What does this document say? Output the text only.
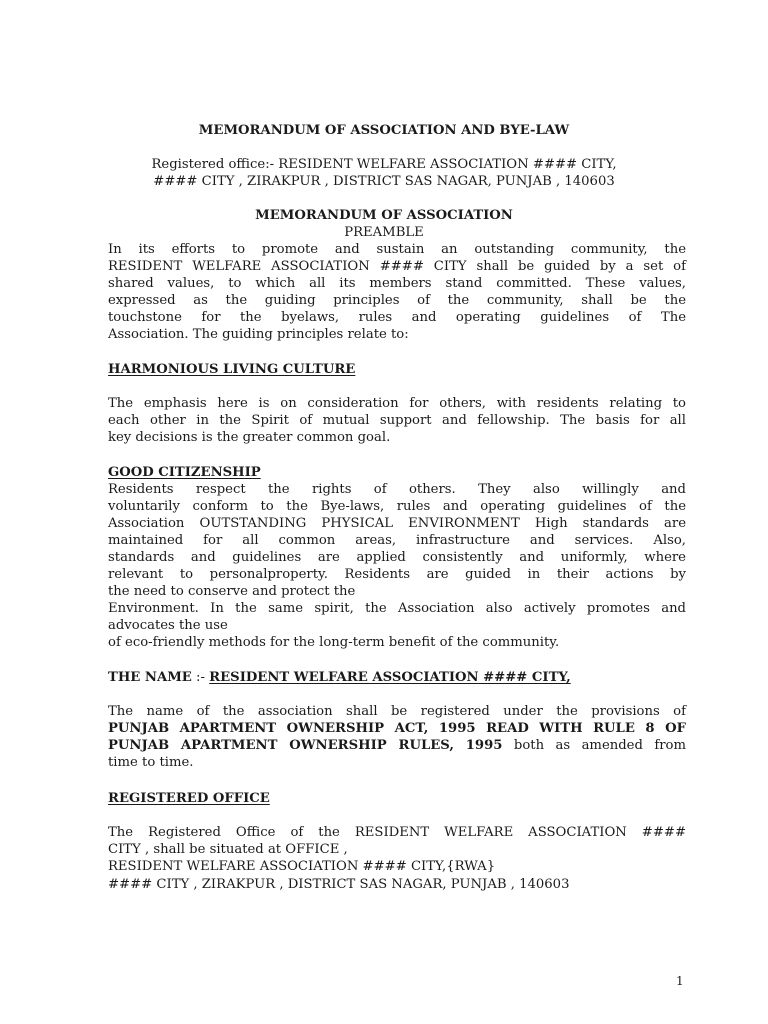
MEMORANDUM OF ASSOCIATION AND BYE-LAW
Registered office:- RESIDENT WELFARE ASSOCIATION #### CITY,
#### CITY , ZIRAKPUR , DISTRICT SAS NAGAR, PUNJAB , 140603
MEMORANDUM OF ASSOCIATION
PREAMBLE
In its efforts to promote and sustain an outstanding community, the
RESIDENT WELFARE ASSOCIATION #### CITY shall be guided by a set of
shared values, to which all its members stand committed. These values,
expressed as the guiding principles of the community, shall be the
touchstone for the byelaws, rules and operating guidelines of The
Association. The guiding principles relate to:
HARMONIOUS LIVING CULTURE
The emphasis here is on consideration for others, with residents relating to
each other in the Spirit of mutual support and fellowship. The basis for all
key decisions is the greater common goal.
GOOD CITIZENSHIP
Residents respect the rights of others. They also willingly and
voluntarily conform to the Bye-laws, rules and operating guidelines of the
Association OUTSTANDING PHYSICAL ENVIRONMENT High standards are
maintained for all common areas, infrastructure and services. Also,
standards and guidelines are applied consistently and uniformly, where
relevant to personalproperty. Residents are guided in their actions by
the need to conserve and protect the
Environment. In the same spirit, the Association also actively promotes and
advocates the use
of eco-friendly methods for the long-term benefit of the community.
THE NAME :- RESIDENT WELFARE ASSOCIATION #### CITY,
The name of the association shall be registered under the provisions of
PUNJAB APARTMENT OWNERSHIP ACT, 1995 READ WITH RULE 8 OF
PUNJAB APARTMENT OWNERSHIP RULES, 1995 both as amended from
time to time.
REGISTERED OFFICE
The Registered Office of the RESIDENT WELFARE ASSOCIATION ####
CITY , shall be situated at OFFICE ,
RESIDENT WELFARE ASSOCIATION #### CITY,{RWA}
#### CITY , ZIRAKPUR , DISTRICT SAS NAGAR, PUNJAB , 140603
1
